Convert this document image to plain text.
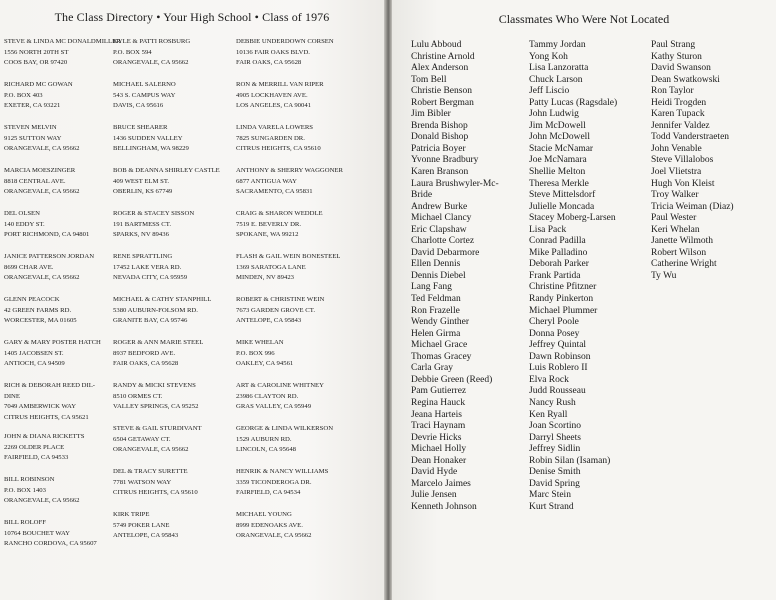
The Class Directory • Your High School • Class of 1976
STEVE & LINDA MC DONALDMILLER
1556 NORTH 20TH ST
COOS BAY, OR 97420
RICHARD MC GOWAN
P.O. BOX 403
EXETER, CA 93221
STEVEN MELVIN
9125 SUTTON WAY
ORANGEVALE, CA 95662
MARCIA MOESZINGER
8818 CENTRAL AVE.
ORANGEVALE, CA 95662
DEL OLSEN
140 EDDY ST.
PORT RICHMOND, CA 94801
JANICE PATTERSON JORDAN
8699 CHAR AVE.
ORANGEVALE, CA 95662
GLENN PEACOCK
42 GREEN FARMS RD.
WORCESTER, MA 01605
GARY & MARY POSTER HATCH
1405 JACOBSEN ST.
ANTIOCH, CA 94509
RICH & DEBORAH REED DIL-
DINE
7049 AMBERWICK WAY
CITRUS HEIGHTS, CA 95621
JOHN & DIANA RICKETTS
2269 OLDER PLACE
FAIRFIELD, CA 94533
BILL ROBINSON
P.O. BOX 1403
ORANGEVALE, CA 95662
BILL ROLOFF
10764 BOUCHET WAY
RANCHO CORDOVA, CA 95607
KYLE & PATTI ROSBURG
P.O. BOX 594
ORANGEVALE, CA 95662
MICHAEL SALERNO
543 S. CAMPUS WAY
DAVIS, CA 95616
BRUCE SHEARER
1436 SUDDEN VALLEY
BELLINGHAM, WA 98229
BOB & DEANNA SHIRLEY CASTLE
409 WEST ELM ST.
OBERLIN, KS 67749
ROGER & STACEY SISSON
191 BARTMESS CT.
SPARKS, NV 89436
RENE SPRATTLING
17452 LAKE VERA RD.
NEVADA CITY, CA 95959
MICHAEL & CATHY STANPHILL
5380 AUBURN-FOLSOM RD.
GRANITE BAY, CA 95746
ROGER & ANN MARIE STEEL
8937 BEDFORD AVE.
FAIR OAKS, CA 95628
RANDY & MICKI STEVENS
8510 ORMES CT.
VALLEY SPRINGS, CA 95252
STEVE & GAIL STURDIVANT
6504 GETAWAY CT.
ORANGEVALE, CA 95662
DEL & TRACY SURETTE
7781 WATSON WAY
CITRUS HEIGHTS, CA 95610
KIRK TRIPE
5749 POKER LANE
ANTELOPE, CA 95843
DEBBIE UNDERDOWN CORSEN
10136 FAIR OAKS BLVD.
FAIR OAKS, CA 95628
RON & MERRILL VAN RIPER
4905 LOCKHAVEN AVE.
LOS ANGELES, CA 90041
LINDA VARELA LOWERS
7825 SUNGARDEN DR.
CITRUS HEIGHTS, CA 95610
ANTHONY & SHERRY WAGGONER
6877 ANTIGUA WAY
SACRAMENTO, CA 95831
CRAIG & SHARON WEDDLE
7519 E. BEVERLY DR.
SPOKANE, WA 99212
FLASH & GAIL WEIN BONESTEEL
1369 SARATOGA LANE
MINDEN, NV 89423
ROBERT & CHRISTINE WEIN
7673 GARDEN GROVE CT.
ANTELOPE, CA 95843
MIKE WHELAN
P.O. BOX 996
OAKLEY, CA 94561
ART & CAROLINE WHITNEY
23986 CLAYTON RD.
GRAS VALLEY, CA 95949
GEORGE & LINDA WILKERSON
1529 AUBURN RD.
LINCOLN, CA 95648
HENRIK & NANCY WILLIAMS
3359 TICONDEROGA DR.
FAIRFIELD, CA 94534
MICHAEL YOUNG
8999 EDENOAKS AVE.
ORANGEVALE, CA 95662
Classmates Who Were Not Located
Lulu Abboud
Christine Arnold
Alex Anderson
Tom Bell
Christie Benson
Robert Bergman
Jim Bibler
Brenda Bishop
Donald Bishop
Patricia Boyer
Yvonne Bradbury
Karen Branson
Laura Brushwyler-Mc-
Bride
Andrew Burke
Michael Clancy
Eric Clapshaw
Charlotte Cortez
David Debarmore
Ellen Dennis
Dennis Diebel
Lang Fang
Ted Feldman
Ron Frazelle
Wendy Ginther
Helen Girma
Michael Grace
Thomas Gracey
Carla Gray
Debbie Green (Reed)
Pam Gutierrez
Regina Hauck
Jeana Harteis
Traci Haynam
Devrie Hicks
Michael Holly
Dean Honaker
David Hyde
Marcelo Jaimes
Julie Jensen
Kenneth Johnson
Tammy Jordan
Yong Koh
Lisa Lanzoratta
Chuck Larson
Jeff Liscio
Patty Lucas (Ragsdale)
John Ludwig
Jim McDowell
John McDowell
Stacie McNamar
Joe McNamara
Shellie Melton
Theresa Merkle
Steve Mittelsdorf
Julielle Moncada
Stacey Moberg-Larsen
Lisa Pack
Conrad Padilla
Mike Palladino
Deborah Parker
Frank Partida
Christine Pfitzner
Randy Pinkerton
Michael Plummer
Cheryl Poole
Donna Posey
Jeffrey Quintal
Dawn Robinson
Luis Roblero II
Elva Rock
Judd Rousseau
Nancy Rush
Ken Ryall
Joan Scortino
Darryl Sheets
Jeffrey Sidlin
Robin Silan (Isaman)
Denise Smith
David Spring
Marc Stein
Kurt Strand
Paul Strang
Kathy Sturon
David Swanson
Dean Swatkowski
Ron Taylor
Heidi Trogden
Karen Tupack
Jennifer Valdez
Todd Vanderstraeten
John Venable
Steve Villalobos
Joel Vlietstra
Hugh Von Kleist
Troy Walker
Tricia Weiman (Diaz)
Paul Wester
Keri Whelan
Janette Wilmoth
Robert Wilson
Catherine Wright
Ty Wu
